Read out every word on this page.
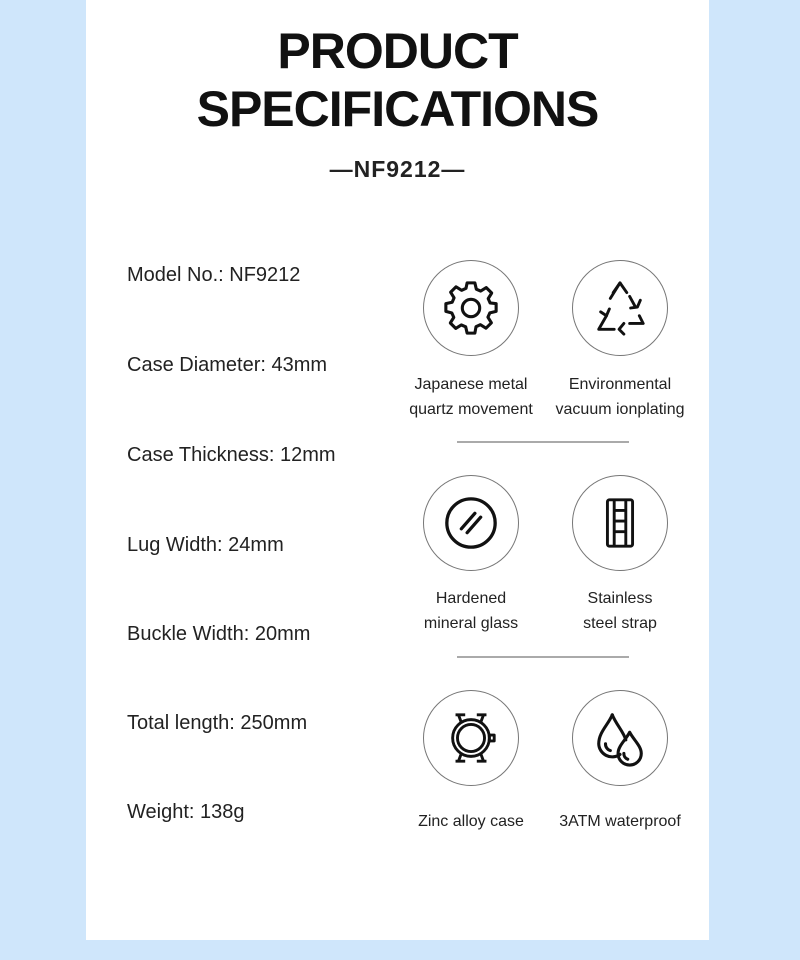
PRODUCT
SPECIFICATIONS
—NF9212—
Model No.: NF9212
Case Diameter: 43mm
Case Thickness: 12mm
Lug Width: 24mm
Buckle Width: 20mm
Total length: 250mm
Weight: 138g
Japanese metal
quartz movement
Environmental
vacuum ionplating
Hardened
mineral glass
Stainless
steel strap
Zinc alloy case	3ATM waterproof
